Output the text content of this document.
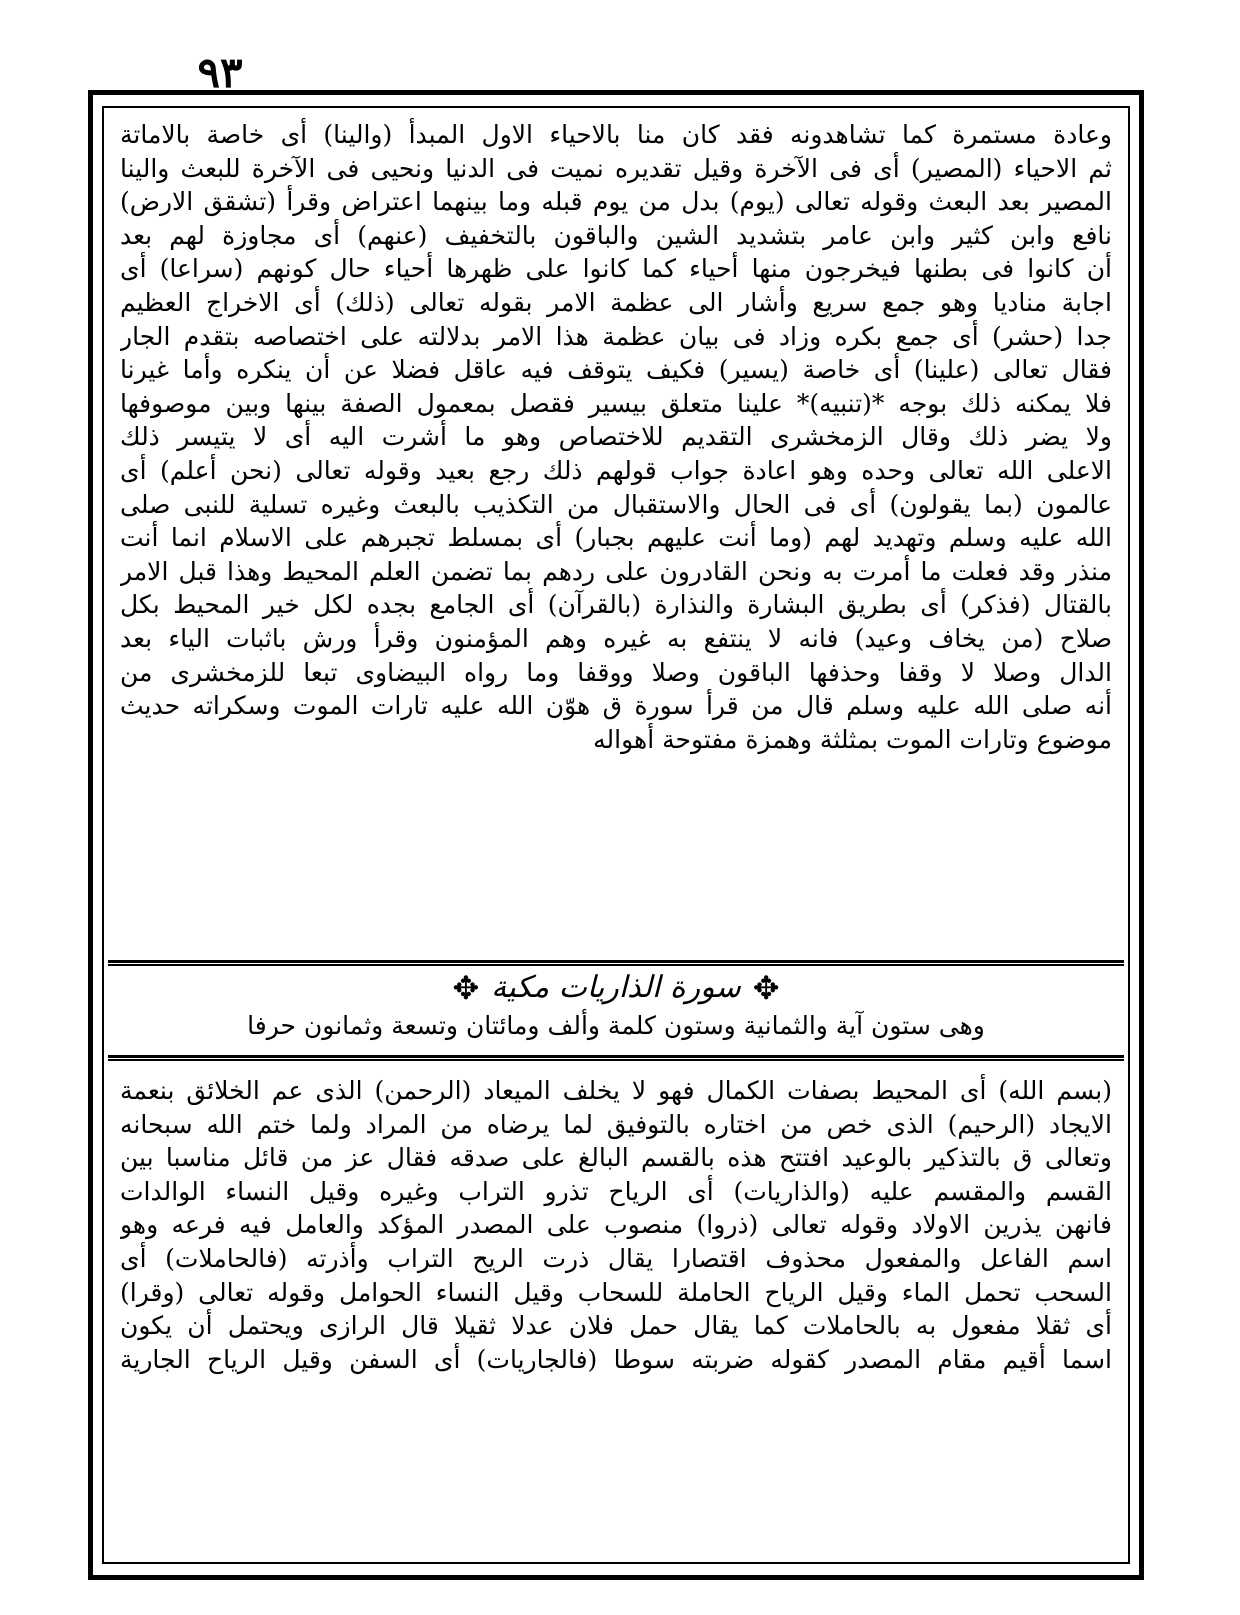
٩٣
وعادة مستمرة كما تشاهدونه فقد كان منا بالاحياء الاول المبدأ (والينا) أى خاصة بالاماتة
ثم الاحياء (المصير) أى فى الآخرة وقيل تقديره نميت فى الدنيا ونحيى فى الآخرة للبعث والينا
المصير بعد البعث وقوله تعالى (يوم) بدل من يوم قبله وما بينهما اعتراض وقرأ (تشقق الارض)
نافع وابن كثير وابن عامر بتشديد الشين والباقون بالتخفيف (عنهم) أى مجاوزة لهم بعد
أن كانوا فى بطنها فيخرجون منها أحياء كما كانوا على ظهرها أحياء حال كونهم (سراعا) أى
اجابة مناديا وهو جمع سريع وأشار الى عظمة الامر بقوله تعالى (ذلك) أى الاخراج العظيم
جدا (حشر) أى جمع بكره وزاد فى بيان عظمة هذا الامر بدلالته على اختصاصه بتقدم الجار
فقال تعالى (علينا) أى خاصة (يسير) فكيف يتوقف فيه عاقل فضلا عن أن ينكره وأما غيرنا
فلا يمكنه ذلك بوجه *(تنبيه)* علينا متعلق بيسير فقصل بمعمول الصفة بينها وبين موصوفها
ولا يضر ذلك وقال الزمخشرى التقديم للاختصاص وهو ما أشرت اليه أى لا يتيسر ذلك
الاعلى الله تعالى وحده وهو اعادة جواب قولهم ذلك رجع بعيد وقوله تعالى (نحن أعلم) أى
عالمون (بما يقولون) أى فى الحال والاستقبال من التكذيب بالبعث وغيره تسلية للنبى صلى
الله عليه وسلم وتهديد لهم (وما أنت عليهم بجبار) أى بمسلط تجبرهم على الاسلام انما أنت
منذر وقد فعلت ما أمرت به ونحن القادرون على ردهم بما تضمن العلم المحيط وهذا قبل الامر
بالقتال (فذكر) أى بطريق البشارة والنذارة (بالقرآن) أى الجامع بجده لكل خير المحيط بكل
صلاح (من يخاف وعيد) فانه لا ينتفع به غيره وهم المؤمنون وقرأ ورش باثبات الياء بعد
الدال وصلا لا وقفا وحذفها الباقون وصلا ووقفا وما رواه البيضاوى تبعا للزمخشرى من
أنه صلى الله عليه وسلم قال من قرأ سورة ق هوّن الله عليه تارات الموت وسكراته حديث
موضوع وتارات الموت بمثلثة وهمزة مفتوحة أهواله
✥
سورة الذاريات مكية
✥
وهى ستون آية والثمانية وستون كلمة وألف ومائتان وتسعة وثمانون حرفا
(بسم الله) أى المحيط بصفات الكمال فهو لا يخلف الميعاد (الرحمن) الذى عم الخلائق بنعمة
الايجاد (الرحيم) الذى خص من اختاره بالتوفيق لما يرضاه من المراد ولما ختم الله سبحانه
وتعالى ق بالتذكير بالوعيد افتتح هذه بالقسم البالغ على صدقه فقال عز من قائل مناسبا بين
القسم والمقسم عليه (والذاريات) أى الرياح تذرو التراب وغيره وقيل النساء الوالدات
فانهن يذرين الاولاد وقوله تعالى (ذروا) منصوب على المصدر المؤكد والعامل فيه فرعه وهو
اسم الفاعل والمفعول محذوف اقتصارا يقال ذرت الريح التراب وأذرته (فالحاملات) أى
السحب تحمل الماء وقيل الرياح الحاملة للسحاب وقيل النساء الحوامل وقوله تعالى (وقرا)
أى ثقلا مفعول به بالحاملات كما يقال حمل فلان عدلا ثقيلا قال الرازى ويحتمل أن يكون
اسما أقيم مقام المصدر كقوله ضربته سوطا (فالجاريات) أى السفن وقيل الرياح الجارية
